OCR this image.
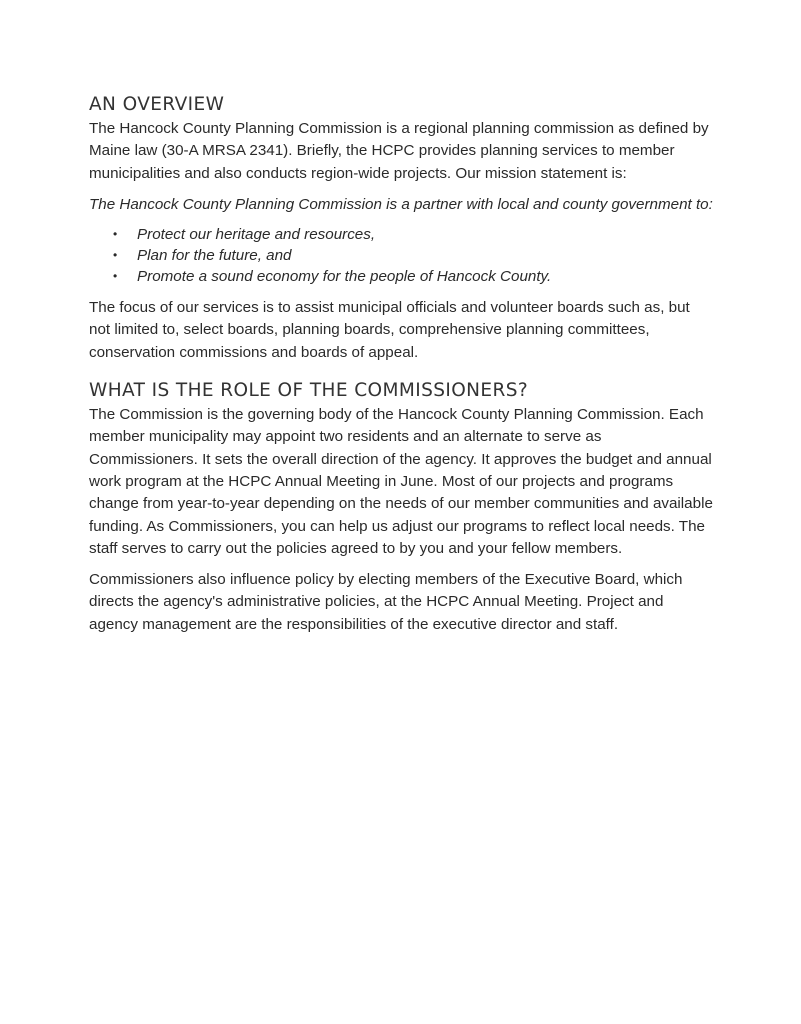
AN OVERVIEW

The Hancock County Planning Commission is a regional planning commission as defined by Maine law (30-A MRSA 2341). Briefly, the HCPC provides planning services to member municipalities and also conducts region-wide projects. Our mission statement is:

The Hancock County Planning Commission is a partner with local and county government to:

• Protect our heritage and resources,
• Plan for the future, and
• Promote a sound economy for the people of Hancock County.

The focus of our services is to assist municipal officials and volunteer boards such as, but not limited to, select boards, planning boards, comprehensive planning committees, conservation commissions and boards of appeal.

WHAT IS THE ROLE OF THE COMMISSIONERS?

The Commission is the governing body of the Hancock County Planning Commission. Each member municipality may appoint two residents and an alternate to serve as Commissioners. It sets the overall direction of the agency. It approves the budget and annual work program at the HCPC Annual Meeting in June. Most of our projects and programs change from year-to-year depending on the needs of our member communities and available funding. As Commissioners, you can help us adjust our programs to reflect local needs. The staff serves to carry out the policies agreed to by you and your fellow members.

Commissioners also influence policy by electing members of the Executive Board, which directs the agency's administrative policies, at the HCPC Annual Meeting. Project and agency management are the responsibilities of the executive director and staff.
